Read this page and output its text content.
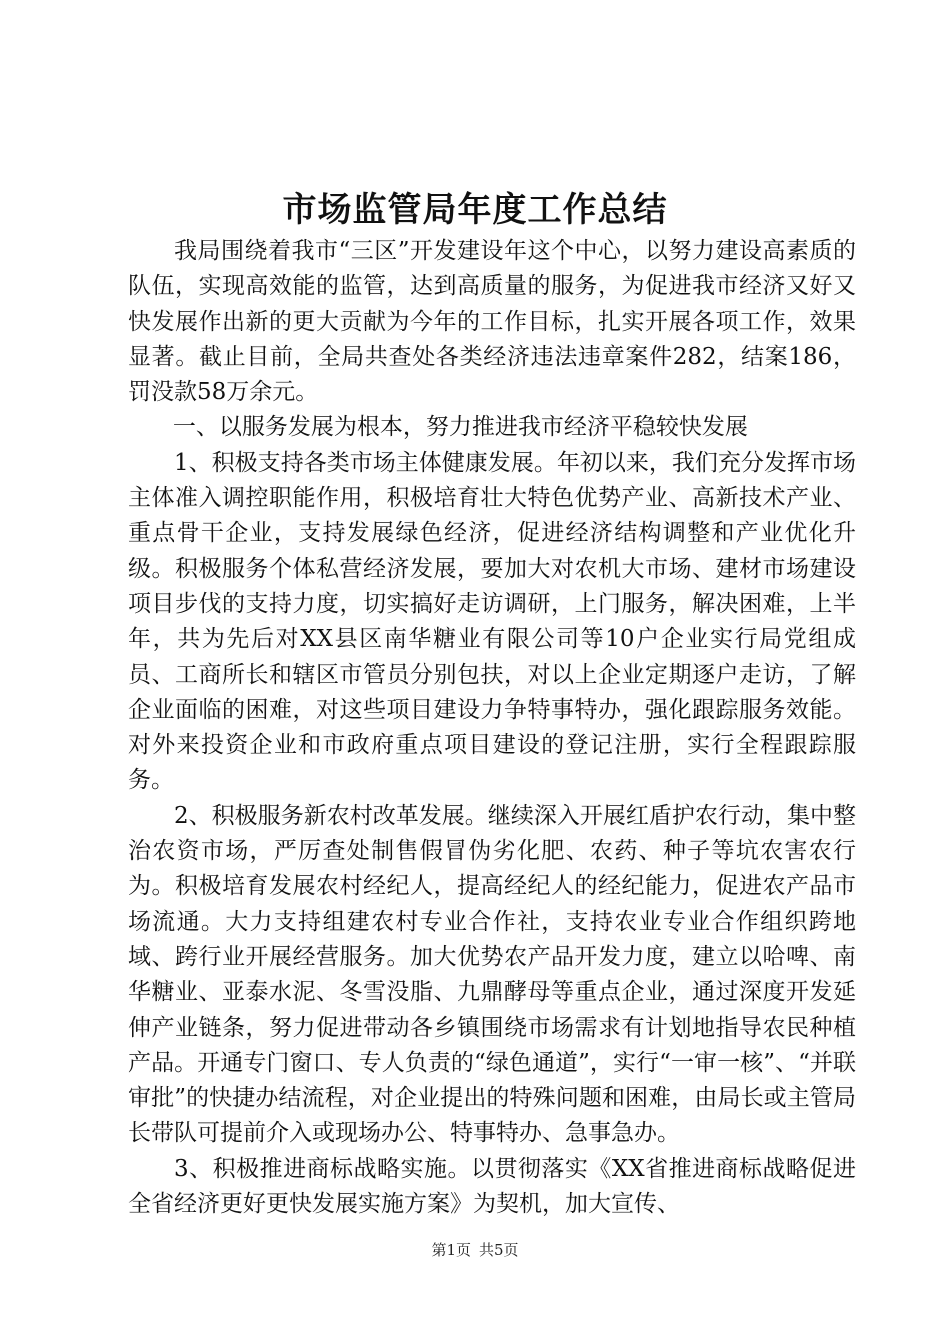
市场监管局年度工作总结

我局围绕着我市“三区”开发建设年这个中心，以努力建设高素质的队伍，实现高效能的监管，达到高质量的服务，为促进我市经济又好又快发展作出新的更大贡献为今年的工作目标，扎实开展各项工作，效果显著。截止目前，全局共查处各类经济违法违章案件282，结案186，罚没款58万余元。

一、以服务发展为根本，努力推进我市经济平稳较快发展

1、积极支持各类市场主体健康发展。年初以来，我们充分发挥市场主体准入调控职能作用，积极培育壮大特色优势产业、高新技术产业、重点骨干企业，支持发展绿色经济，促进经济结构调整和产业优化升级。积极服务个体私营经济发展，要加大对农机大市场、建材市场建设项目步伐的支持力度，切实搞好走访调研，上门服务，解决困难，上半年，共为先后对XX县区南华糖业有限公司等10户企业实行局党组成员、工商所长和辖区市管员分别包扶，对以上企业定期逐户走访，了解企业面临的困难，对这些项目建设力争特事特办，强化跟踪服务效能。对外来投资企业和市政府重点项目建设的登记注册，实行全程跟踪服务。

2、积极服务新农村改革发展。继续深入开展红盾护农行动，集中整治农资市场，严厉查处制售假冒伪劣化肥、农药、种子等坑农害农行为。积极培育发展农村经纪人，提高经纪人的经纪能力，促进农产品市场流通。大力支持组建农村专业合作社，支持农业专业合作组织跨地域、跨行业开展经营服务。加大优势农产品开发力度，建立以哈啤、南华糖业、亚泰水泥、冬雪没脂、九鼎酵母等重点企业，通过深度开发延伸产业链条，努力促进带动各乡镇围绕市场需求有计划地指导农民种植产品。开通专门窗口、专人负责的“绿色通道”，实行“一审一核”、“并联审批”的快捷办结流程，对企业提出的特殊问题和困难，由局长或主管局长带队可提前介入或现场办公、特事特办、急事急办。

3、积极推进商标战略实施。以贯彻落实《XX省推进商标战略促进全省经济更好更快发展实施方案》为契机，加大宣传、

第1页 共5页
